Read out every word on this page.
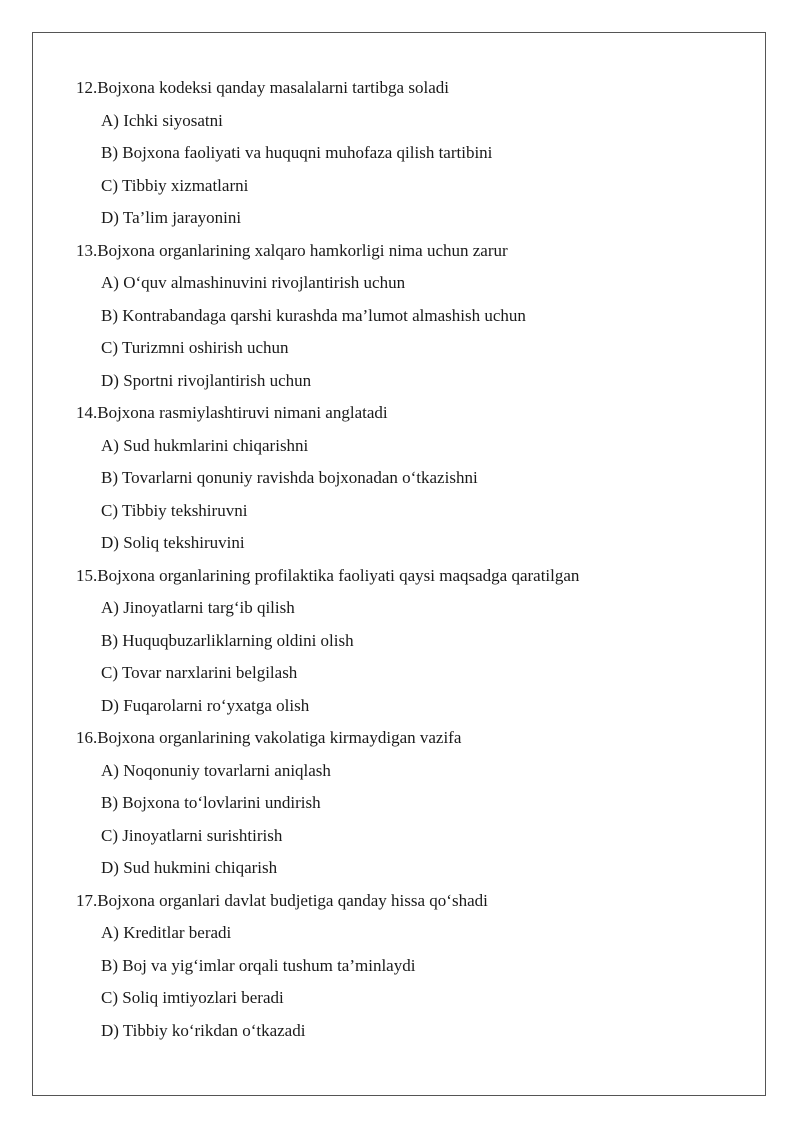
12.Bojxona kodeksi qanday masalalarni tartibga soladi
A) Ichki siyosatni
B) Bojxona faoliyati va huquqni muhofaza qilish tartibini
C) Tibbiy xizmatlarni
D) Ta’lim jarayonini
13.Bojxona organlarining xalqaro hamkorligi nima uchun zarur
A) O‘quv almashinuvini rivojlantirish uchun
B) Kontrabandaga qarshi kurashda ma’lumot almashish uchun
C) Turizmni oshirish uchun
D) Sportni rivojlantirish uchun
14.Bojxona rasmiylashtiruvi nimani anglatadi
A) Sud hukmlarini chiqarishni
B) Tovarlarni qonuniy ravishda bojxonadan o‘tkazishni
C) Tibbiy tekshiruvni
D) Soliq tekshiruvini
15.Bojxona organlarining profilaktika faoliyati qaysi maqsadga qaratilgan
A) Jinoyatlarni targ‘ib qilish
B) Huquqbuzarliklarning oldini olish
C) Tovar narxlarini belgilash
D) Fuqarolarni ro‘yxatga olish
16.Bojxona organlarining vakolatiga kirmaydigan vazifa
A) Noqonuniy tovarlarni aniqlash
B) Bojxona to‘lovlarini undirish
C) Jinoyatlarni surishtirish
D) Sud hukmini chiqarish
17.Bojxona organlari davlat budjetiga qanday hissa qo‘shadi
A) Kreditlar beradi
B) Boj va yig‘imlar orqali tushum ta’minlaydi
C) Soliq imtiyozlari beradi
D) Tibbiy ko‘rikdan o‘tkazadi
